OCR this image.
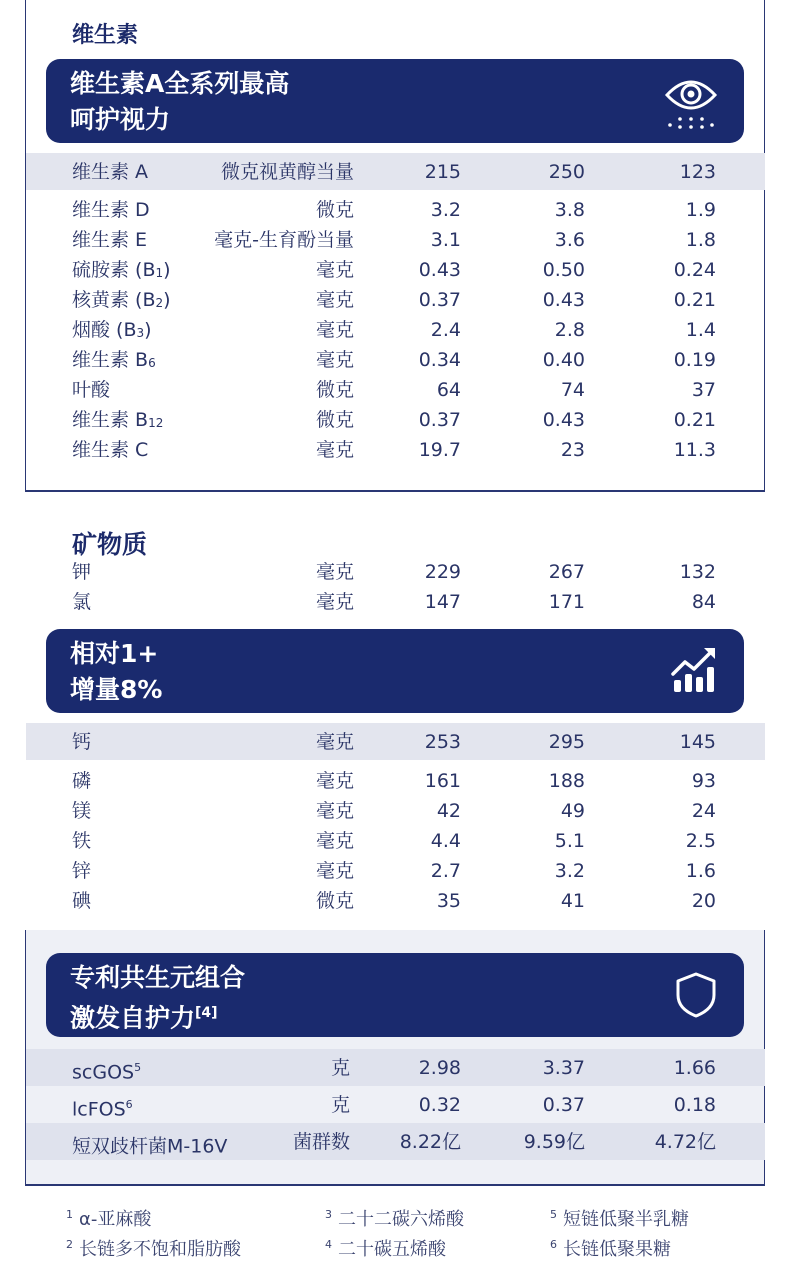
维生素
维生素A全系列最高
呵护视力
维生素 A	微克视黄醇当量	215	250	123
维生素 D	微克	3.2	3.8	1.9
维生素 E	毫克-生育酚当量	3.1	3.6	1.8
硫胺素 $(B_1)$	毫克	0.43	0.50	0.24
核黄素 $(B_2)$	毫克	0.37	0.43	0.21
烟酸 $(B_3)$	毫克	2.4	2.8	1.4
维生素 $B_6$	毫克	0.34	0.40	0.19
叶酸	微克	64	74	37
维生素 $B_{12}$	微克	0.37	0.43	0.21
维生素 C	毫克	19.7	23	11.3
矿物质
钾	毫克	229	267	132
氯	毫克	147	171	84
相对1+
增量8%
钙	毫克	253	295	145
磷	毫克	161	188	93
镁	毫克	42	49	24
铁	毫克	4.4	5.1	2.5
锌	毫克	2.7	3.2	1.6
碘	微克	35	41	20
专利共生元组合
激发自护力[4]
scGOS$^5$	克	2.98	3.37	1.66
lcFOS$^6$	克	0.32	0.37	0.18
短双歧杆菌M-16V	菌群数	8.22亿	9.59亿	4.72亿
$^1$ α-亚麻酸
$^2$ 长链多不饱和脂肪酸
$^3$ 二十二碳六烯酸
$^4$ 二十碳五烯酸
$^5$ 短链低聚半乳糖
$^6$ 长链低聚果糖
